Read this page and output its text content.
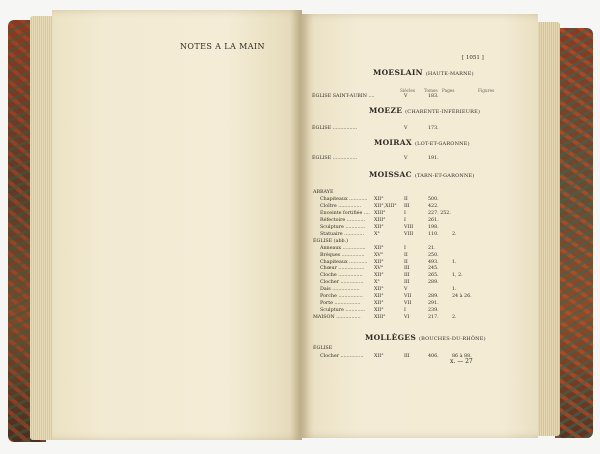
NOTES A LA MAIN
[ 1051 ]
Siècles Tomes Pages	Figures
MOESLAIN (HAUTE-MARNE)
ÉGLISE SAINT-AUBIN ....	V	183.
MOEZE (CHARENTE-INFÉRIEURE)
ÉGLISE ................	V	173.
MOIRAX (LOT-ET-GARONNE)
ÉGLISE ................	V	191.
MOISSAC (TARN-ET-GARONNE)
ABBAYE
Chapiteaux ............ XII°	II	500.
Cloître ...............	XII°,XIII° III	422.
Enceinte fortifiée .... XIII°	I	227. 252.
Réfectoire ............ XIII°	I	261.
Sculpture ............. XII°	VIII	198.
Statuaire ............. X°	VIII	110.	2.
ÉGLISE (abb.)
Anneaux ............... XII°	I	21.
Bréques ............... XV°	II	250.
Chapiteaux ............ XII°	II	493.	1.
Chœur ................. XV°	III	245.
Cloche ................ XII°	III	265.	1, 2.
Clocher ............... X°	III	289.
Dais ..................	XII°	V	1.
Porche ................ XII°	VII	289.	24 à 26.
Porte .................	XII°	VII	291.
Sculpture ............. XII°	I	239.
MAISON ................	XIII°	VI	217.	2.
MOLLÈGES (BOUCHES-DU-RHÔNE)
ÉGLISE
Clocher ............... XII°	III	406.	86 à 88.
x. — 27
